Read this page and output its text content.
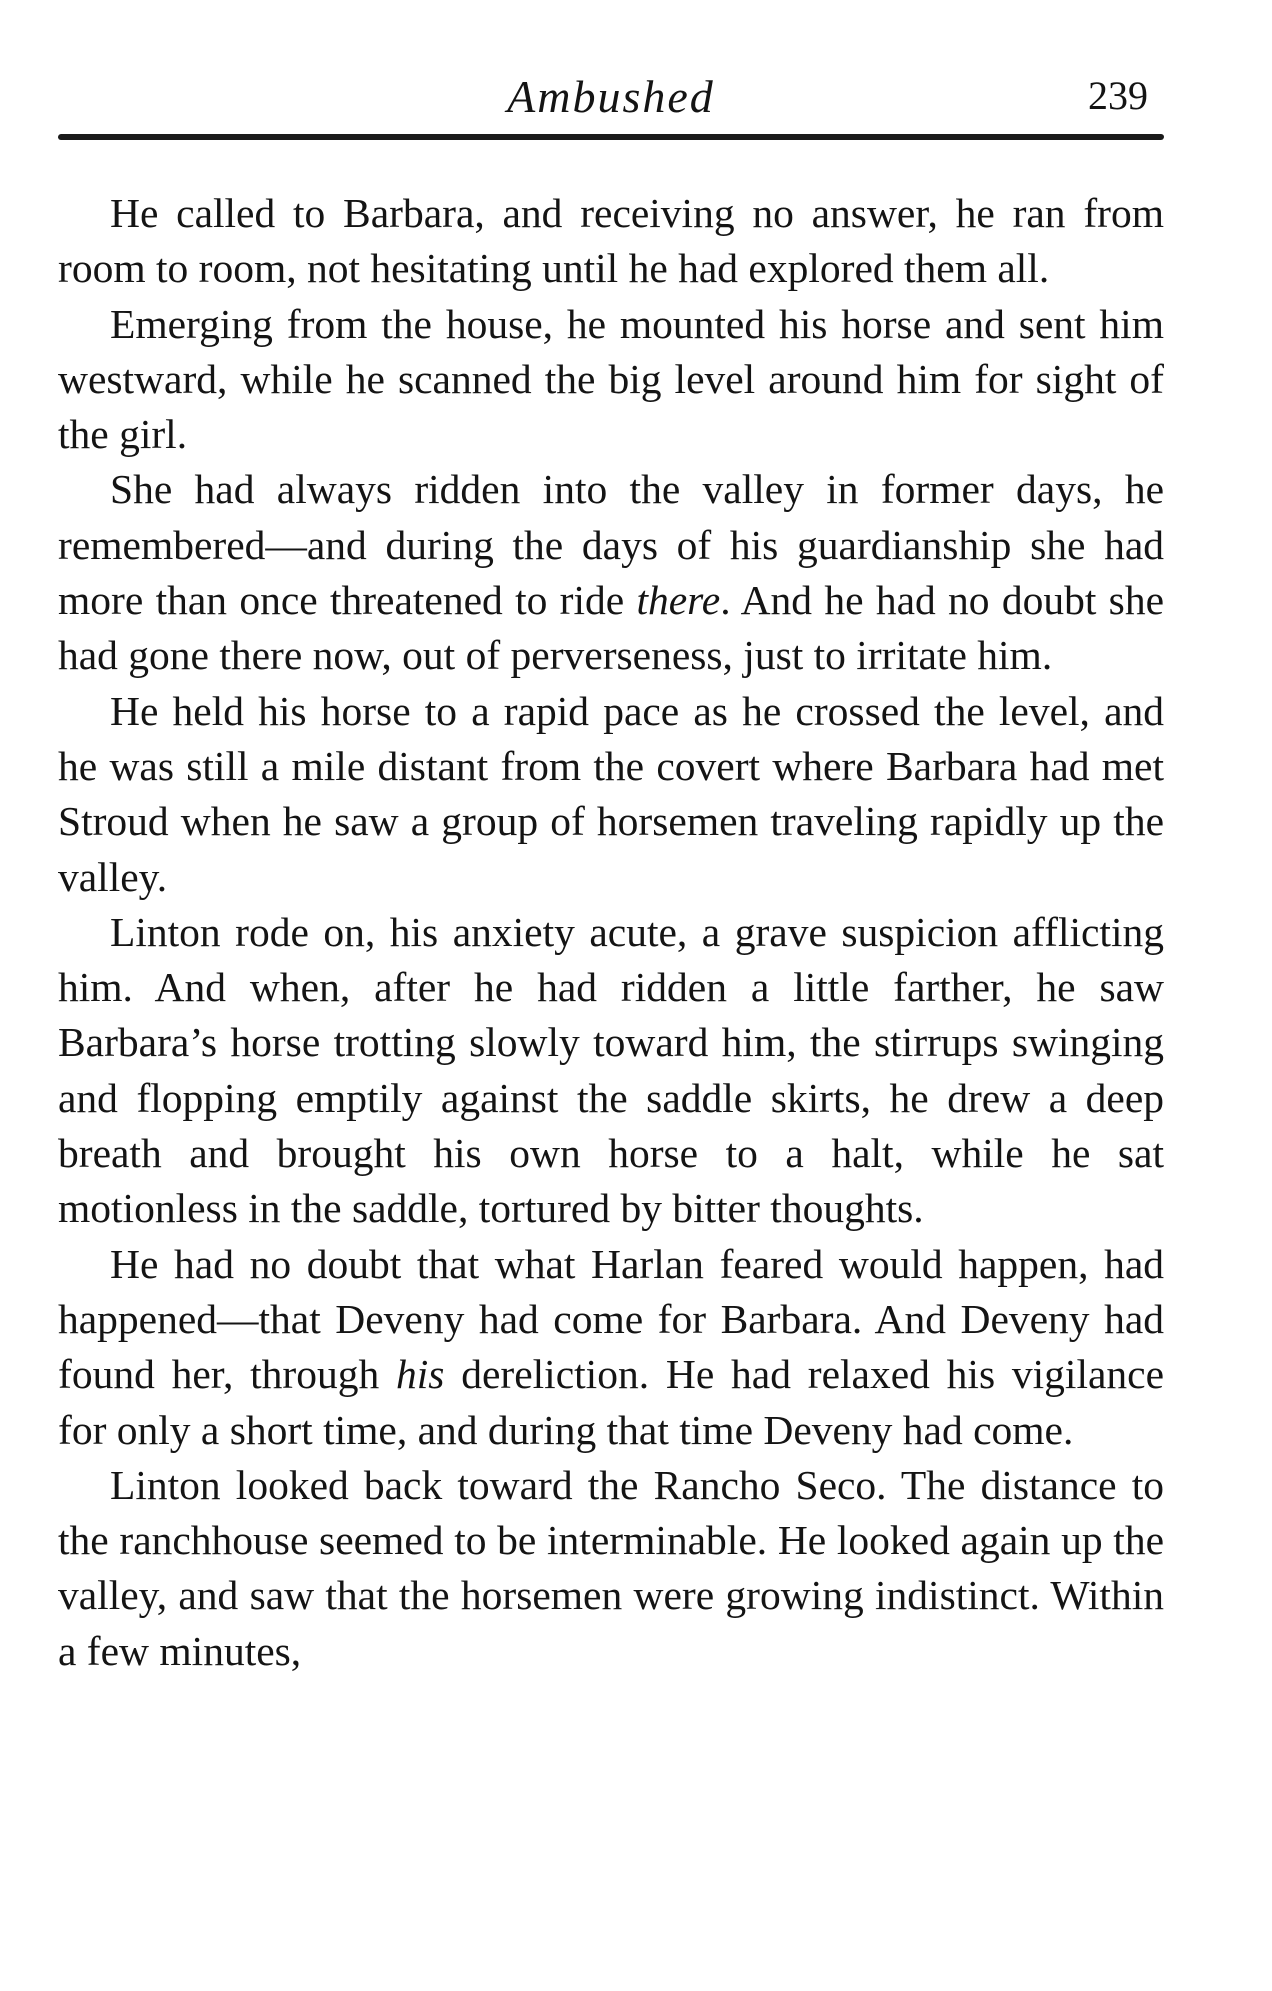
Ambushed	239

He called to Barbara, and receiving no answer, he ran from room to room, not hesitating until he had explored them all.

Emerging from the house, he mounted his horse and sent him westward, while he scanned the big level around him for sight of the girl.

She had always ridden into the valley in former days, he remembered—and during the days of his guardianship she had more than once threatened to ride there. And he had no doubt she had gone there now, out of perverseness, just to irritate him.

He held his horse to a rapid pace as he crossed the level, and he was still a mile distant from the covert where Barbara had met Stroud when he saw a group of horsemen traveling rapidly up the valley.

Linton rode on, his anxiety acute, a grave suspicion afflicting him. And when, after he had ridden a little farther, he saw Barbara’s horse trotting slowly toward him, the stirrups swinging and flopping emptily against the saddle skirts, he drew a deep breath and brought his own horse to a halt, while he sat motionless in the saddle, tortured by bitter thoughts.

He had no doubt that what Harlan feared would happen, had happened—that Deveny had come for Barbara. And Deveny had found her, through his dereliction. He had relaxed his vigilance for only a short time, and during that time Deveny had come.

Linton looked back toward the Rancho Seco. The distance to the ranchhouse seemed to be interminable. He looked again up the valley, and saw that the horsemen were growing indistinct. Within a few minutes,
